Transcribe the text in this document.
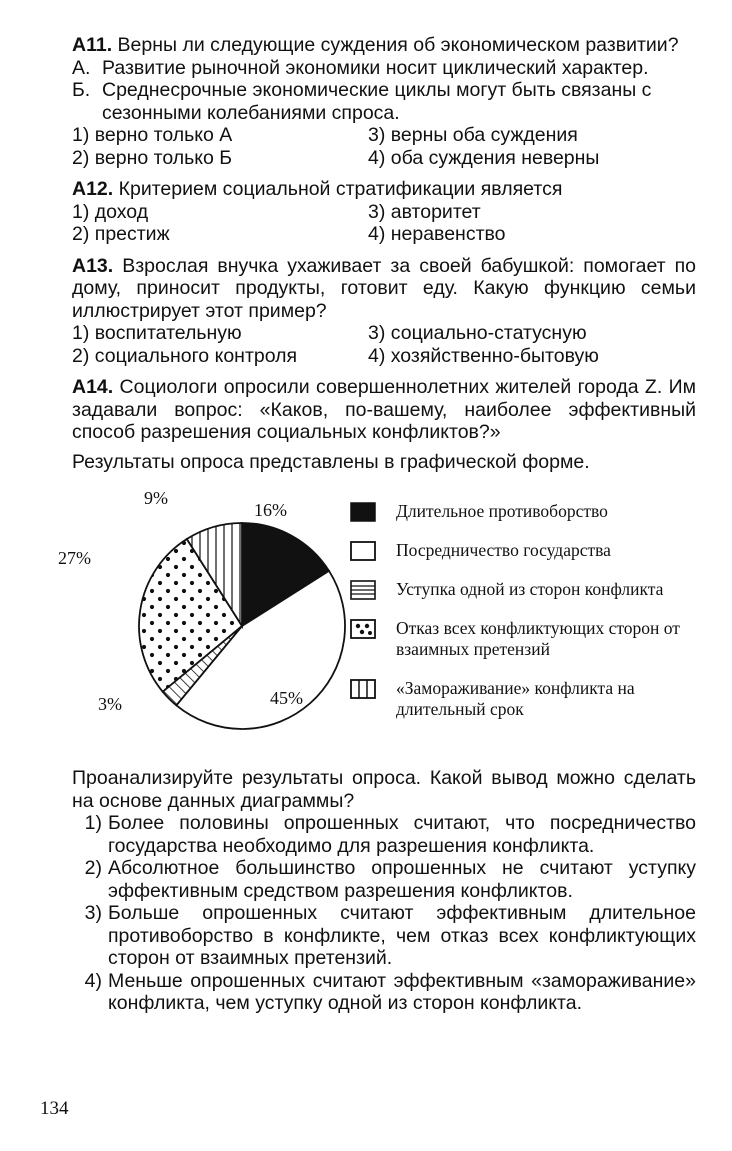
А11. Верны ли следующие суждения об экономическом развитии?
А. Развитие рыночной экономики носит циклический характер.
Б. Среднесрочные экономические циклы могут быть связаны с сезонными колебаниями спроса.
1) верно только А	3) верны оба суждения
2) верно только Б	4) оба суждения неверны
А12. Критерием социальной стратификации является
1) доход	3) авторитет
2) престиж	4) неравенство
А13. Взрослая внучка ухаживает за своей бабушкой: помогает по дому, приносит продукты, готовит еду. Какую функцию семьи иллюстрирует этот пример?
1) воспитательную	3) социально-статусную
2) социального контроля	4) хозяйственно-бытовую
А14. Социологи опросили совершеннолетних жителей города Z. Им задавали вопрос: «Каков, по-вашему, наиболее эффективный способ разрешения социальных конфликтов?»
Результаты опроса представлены в графической форме.
9%
16%
27%
3%	45%
Длительное противоборство
Посредничество государства
Уступка одной из сторон конфликта
Отказ всех конфликтующих сторон от взаимных претензий
«Замораживание» конфликта на длительный срок
Проанализируйте результаты опроса. Какой вывод можно сделать на основе данных диаграммы?
1) Более половины опрошенных считают, что посредничество государства необходимо для разрешения конфликта.
2) Абсолютное большинство опрошенных не считают уступку эффективным средством разрешения конфликтов.
3) Больше опрошенных считают эффективным длительное противоборство в конфликте, чем отказ всех конфликтующих сторон от взаимных претензий.
4) Меньше опрошенных считают эффективным «замораживание» конфликта, чем уступку одной из сторон конфликта.
134
